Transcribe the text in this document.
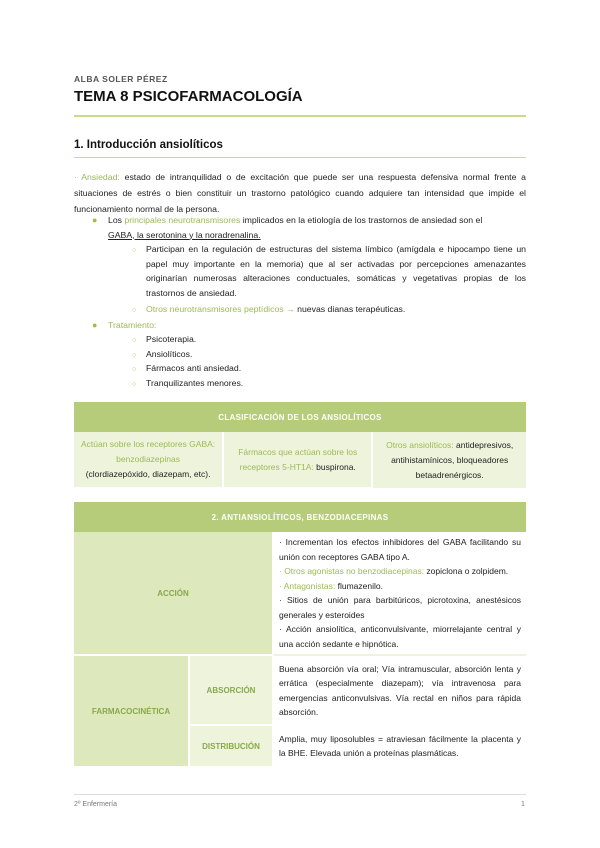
ALBA SOLER PÉREZ
TEMA 8 PSICOFARMACOLOGÍA
1. Introducción ansiolíticos
· Ansiedad: estado de intranquilidad o de excitación que puede ser una respuesta defensiva normal frente a situaciones de estrés o bien constituir un trastorno patológico cuando adquiere tan intensidad que impide el funcionamiento normal de la persona.
● Los principales neurotransmisores implicados en la etiología de los trastornos de ansiedad son el
GABA, la serotonina y la noradrenalina.
○ Participan en la regulación de estructuras del sistema límbico (amígdala e hipocampo tiene un papel muy importante en la memoria) que al ser activadas por percepciones amenazantes originarían numerosas alteraciones conductuales, somáticas y vegetativas propias de los trastornos de ansiedad.
○ Otros neurotransmisores peptídicos → nuevas dianas terapéuticas.
● Tratamiento:
○ Psicoterapia.
○ Ansiolíticos.
○ Fármacos anti ansiedad.
○ Tranquilizantes menores.
CLASIFICACIÓN DE LOS ANSIOLÍTICOS
Actúan sobre los receptores GABA: benzodiazepinas
(clordiazepóxido, diazepam, etc).	Fármacos que actúan sobre los receptores 5-HT1A: buspirona.	Otros ansiolíticos: antidepresivos, antihistamínicos, bloqueadores betaadrenérgicos.
2. ANTIANSIOLÍTICOS, BENZODIACEPINAS		
ACCIÓN		· Incrementan los efectos inhibidores del GABA facilitando su unión con receptores GABA tipo A.
· Otros agonistas no benzodiacepinas: zopiclona o zolpidem.
· Antagonistas: flumazenilo.
· Sitios de unión para barbitúricos, picrotoxina, anestésicos generales y esteroides
· Acción ansiolítica, anticonvulsivante, miorrelajante central y una acción sedante e hipnótica.

FARMACOCINÉTICA	ABSORCIÓN	Buena absorción vía oral; Vía intramuscular, absorción lenta y errática (especialmente diazepam); vía intravenosa para emergencias anticonvulsivas. Vía rectal en niños para rápida absorción.
	DISTRIBUCIÓN	Amplia, muy liposolubles = atraviesan fácilmente la placenta y la BHE. Elevada unión a proteínas plasmáticas.
2º Enfermería	1
